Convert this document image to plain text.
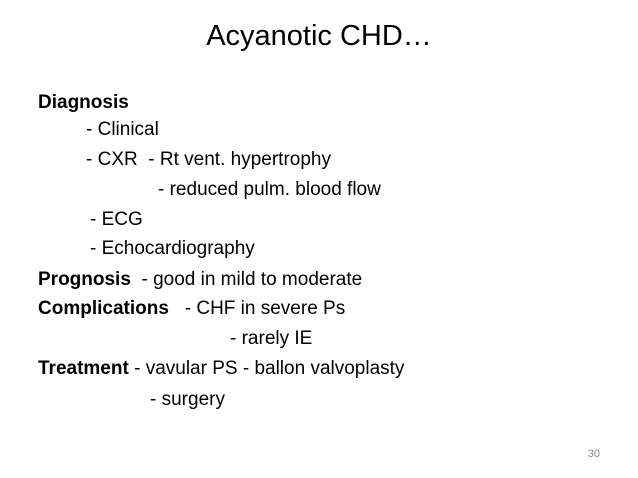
Acyanotic CHD…
Diagnosis
- Clinical
- CXR  - Rt vent. hypertrophy
- reduced pulm. blood flow
- ECG
- Echocardiography
Prognosis  - good in mild to moderate
Complications   - CHF in severe Ps
- rarely IE
Treatment - vavular PS - ballon valvoplasty
- surgery
30
